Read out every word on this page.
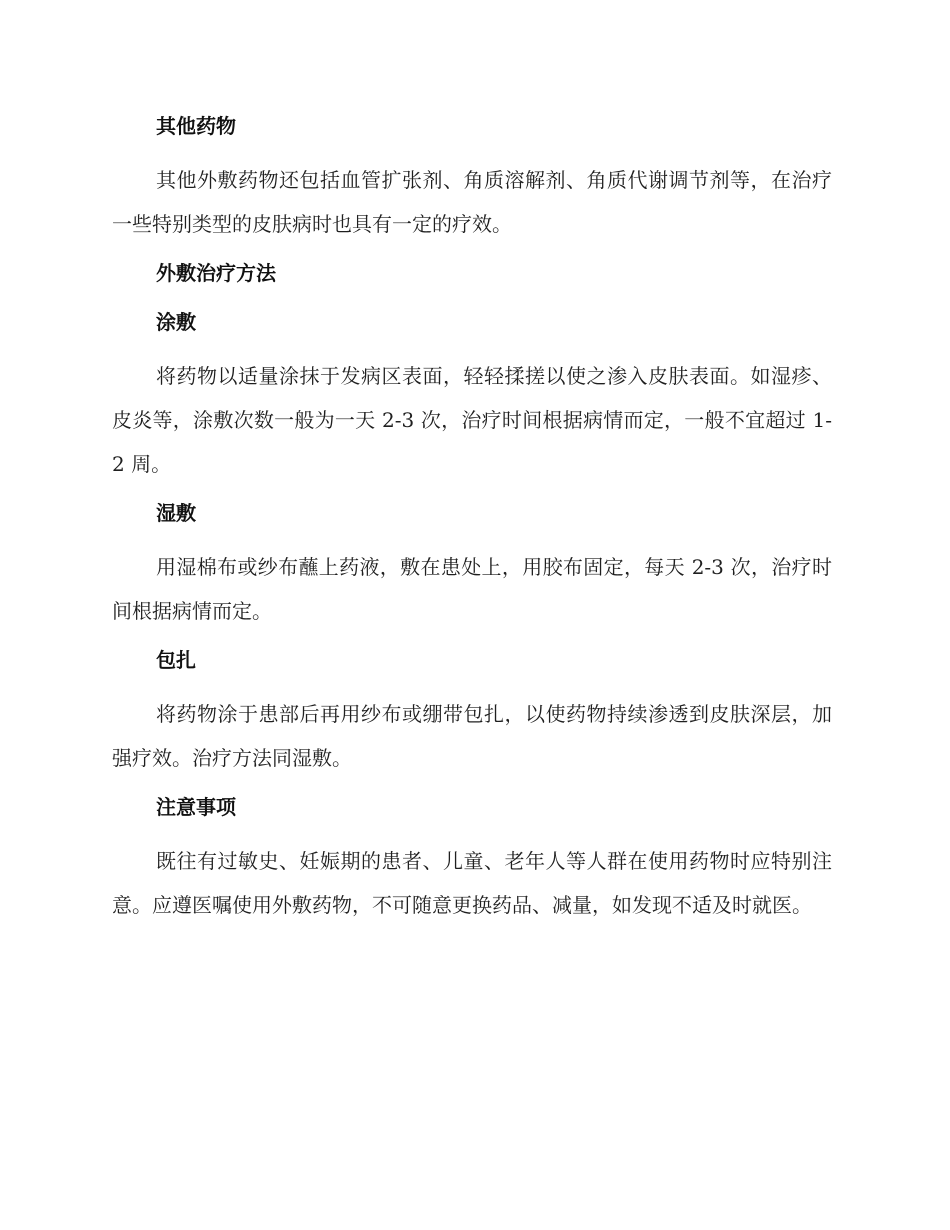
其他药物

其他外敷药物还包括血管扩张剂、角质溶解剂、角质代谢调节剂等，在治疗一些特别类型的皮肤病时也具有一定的疗效。

外敷治疗方法
涂敷

将药物以适量涂抹于发病区表面，轻轻揉搓以使之渗入皮肤表面。如湿疹、皮炎等，涂敷次数一般为一天 2-3 次，治疗时间根据病情而定，一般不宜超过 1-2 周。

湿敷

用湿棉布或纱布蘸上药液，敷在患处上，用胶布固定，每天 2-3 次，治疗时间根据病情而定。

包扎

将药物涂于患部后再用纱布或绷带包扎，以使药物持续渗透到皮肤深层，加强疗效。治疗方法同湿敷。

注意事项

既往有过敏史、妊娠期的患者、儿童、老年人等人群在使用药物时应特别注意。应遵医嘱使用外敷药物，不可随意更换药品、减量，如发现不适及时就医。
